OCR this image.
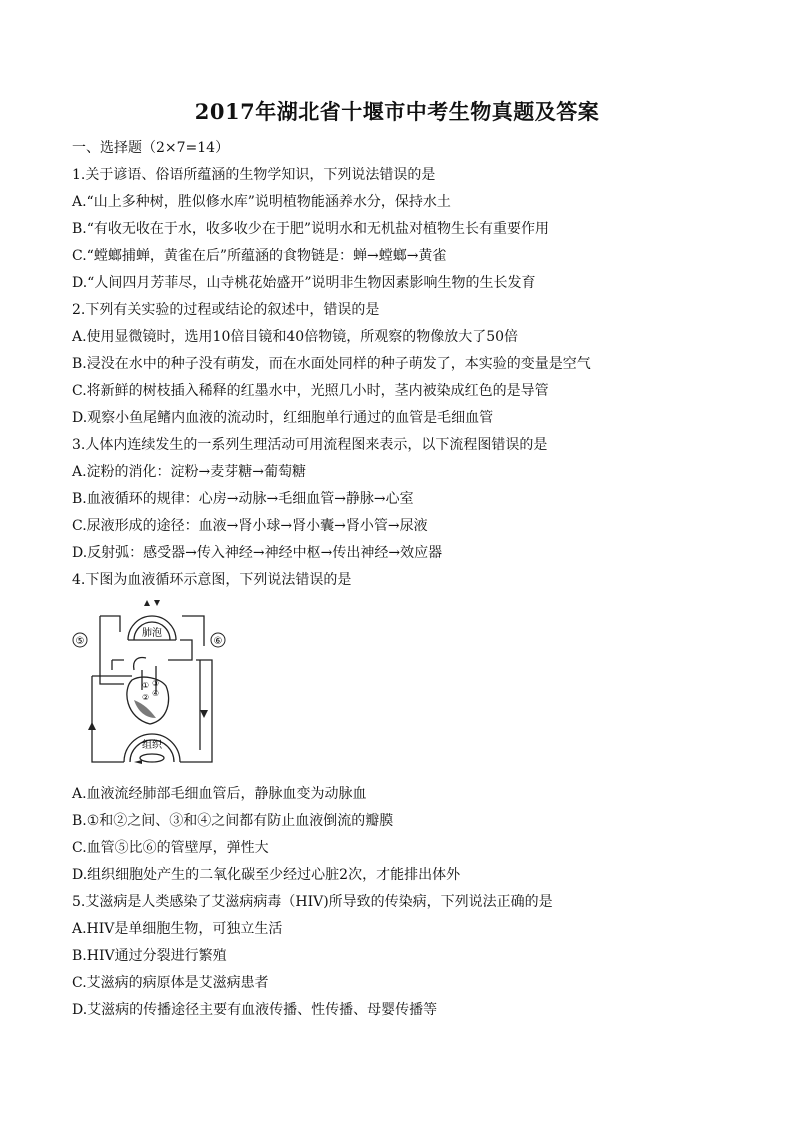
2017年湖北省十堰市中考生物真题及答案
一、选择题（2×7=14）
1.关于谚语、俗语所蕴涵的生物学知识，下列说法错误的是
A.“山上多种树，胜似修水库”说明植物能涵养水分，保持水土
B.“有收无收在于水，收多收少在于肥”说明水和无机盐对植物生长有重要作用
C.“螳螂捕蝉，黄雀在后”所蕴涵的食物链是：蝉→螳螂→黄雀
D.“人间四月芳菲尽，山寺桃花始盛开”说明非生物因素影响生物的生长发育
2.下列有关实验的过程或结论的叙述中，错误的是
A.使用显微镜时，选用10倍目镜和40倍物镜，所观察的物像放大了50倍
B.浸没在水中的种子没有萌发，而在水面处同样的种子萌发了，本实验的变量是空气
C.将新鲜的树枝插入稀释的红墨水中，光照几小时，茎内被染成红色的是导管
D.观察小鱼尾鳍内血液的流动时，红细胞单行通过的血管是毛细血管
3.人体内连续发生的一系列生理活动可用流程图来表示，以下流程图错误的是
A.淀粉的消化：淀粉→麦芽糖→葡萄糖
B.血液循环的规律：心房→动脉→毛细血管→静脉→心室
C.尿液形成的途径：血液→肾小球→肾小囊→肾小管→尿液
D.反射弧：感受器→传入神经→神经中枢→传出神经→效应器
4.下图为血液循环示意图，下列说法错误的是
⑤	⑥
肺泡
组织
①
②
③
④
A.血液流经肺部毛细血管后，静脉血变为动脉血
B.①和②之间、③和④之间都有防止血液倒流的瓣膜
C.血管⑤比⑥的管壁厚，弹性大
D.组织细胞处产生的二氧化碳至少经过心脏2次，才能排出体外
5.艾滋病是人类感染了艾滋病病毒（HIV)所导致的传染病，下列说法正确的是
A.HIV是单细胞生物，可独立生活
B.HIV通过分裂进行繁殖
C.艾滋病的病原体是艾滋病患者
D.艾滋病的传播途径主要有血液传播、性传播、母婴传播等
